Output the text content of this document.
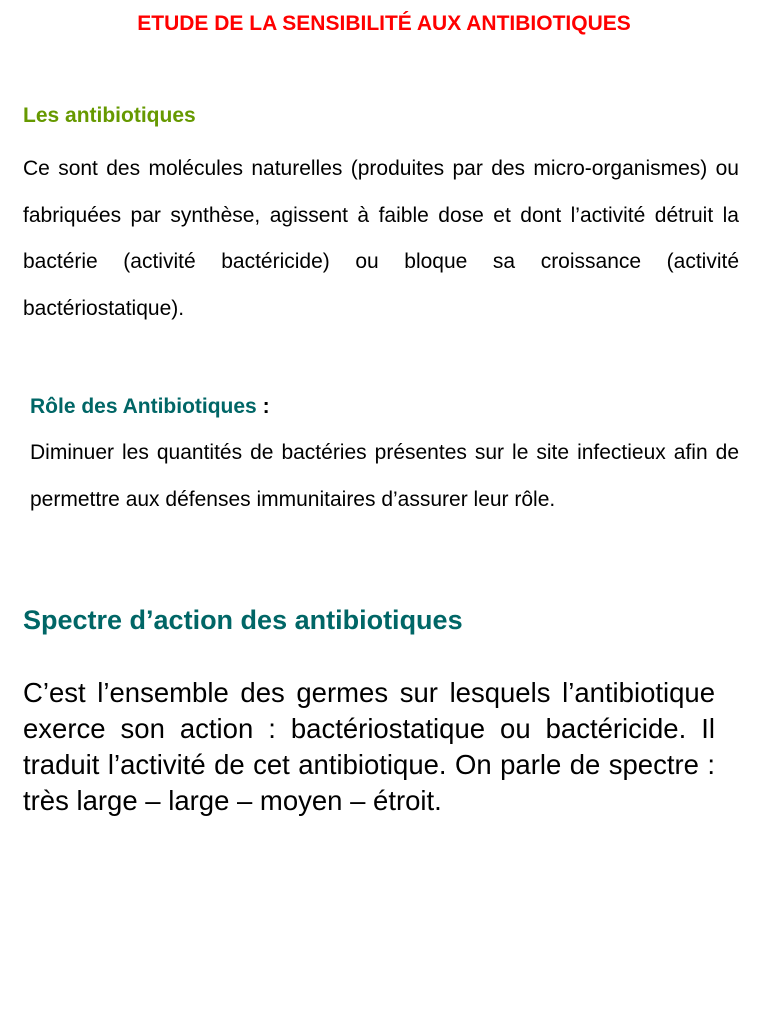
ETUDE DE LA SENSIBILITÉ AUX ANTIBIOTIQUES
Les antibiotiques
Ce sont des molécules naturelles (produites par des micro-organismes) ou fabriquées par synthèse, agissent à faible dose et dont l’activité détruit la bactérie (activité bactéricide) ou bloque sa croissance (activité bactériostatique).
Rôle des Antibiotiques :
Diminuer les quantités de bactéries présentes sur le site infectieux afin de permettre aux défenses immunitaires d’assurer leur rôle.
Spectre d’action des antibiotiques
C’est l’ensemble des germes sur lesquels l’antibiotique exerce son action : bactériostatique ou bactéricide. Il traduit l’activité de cet antibiotique. On parle de spectre : très large – large – moyen – étroit.
